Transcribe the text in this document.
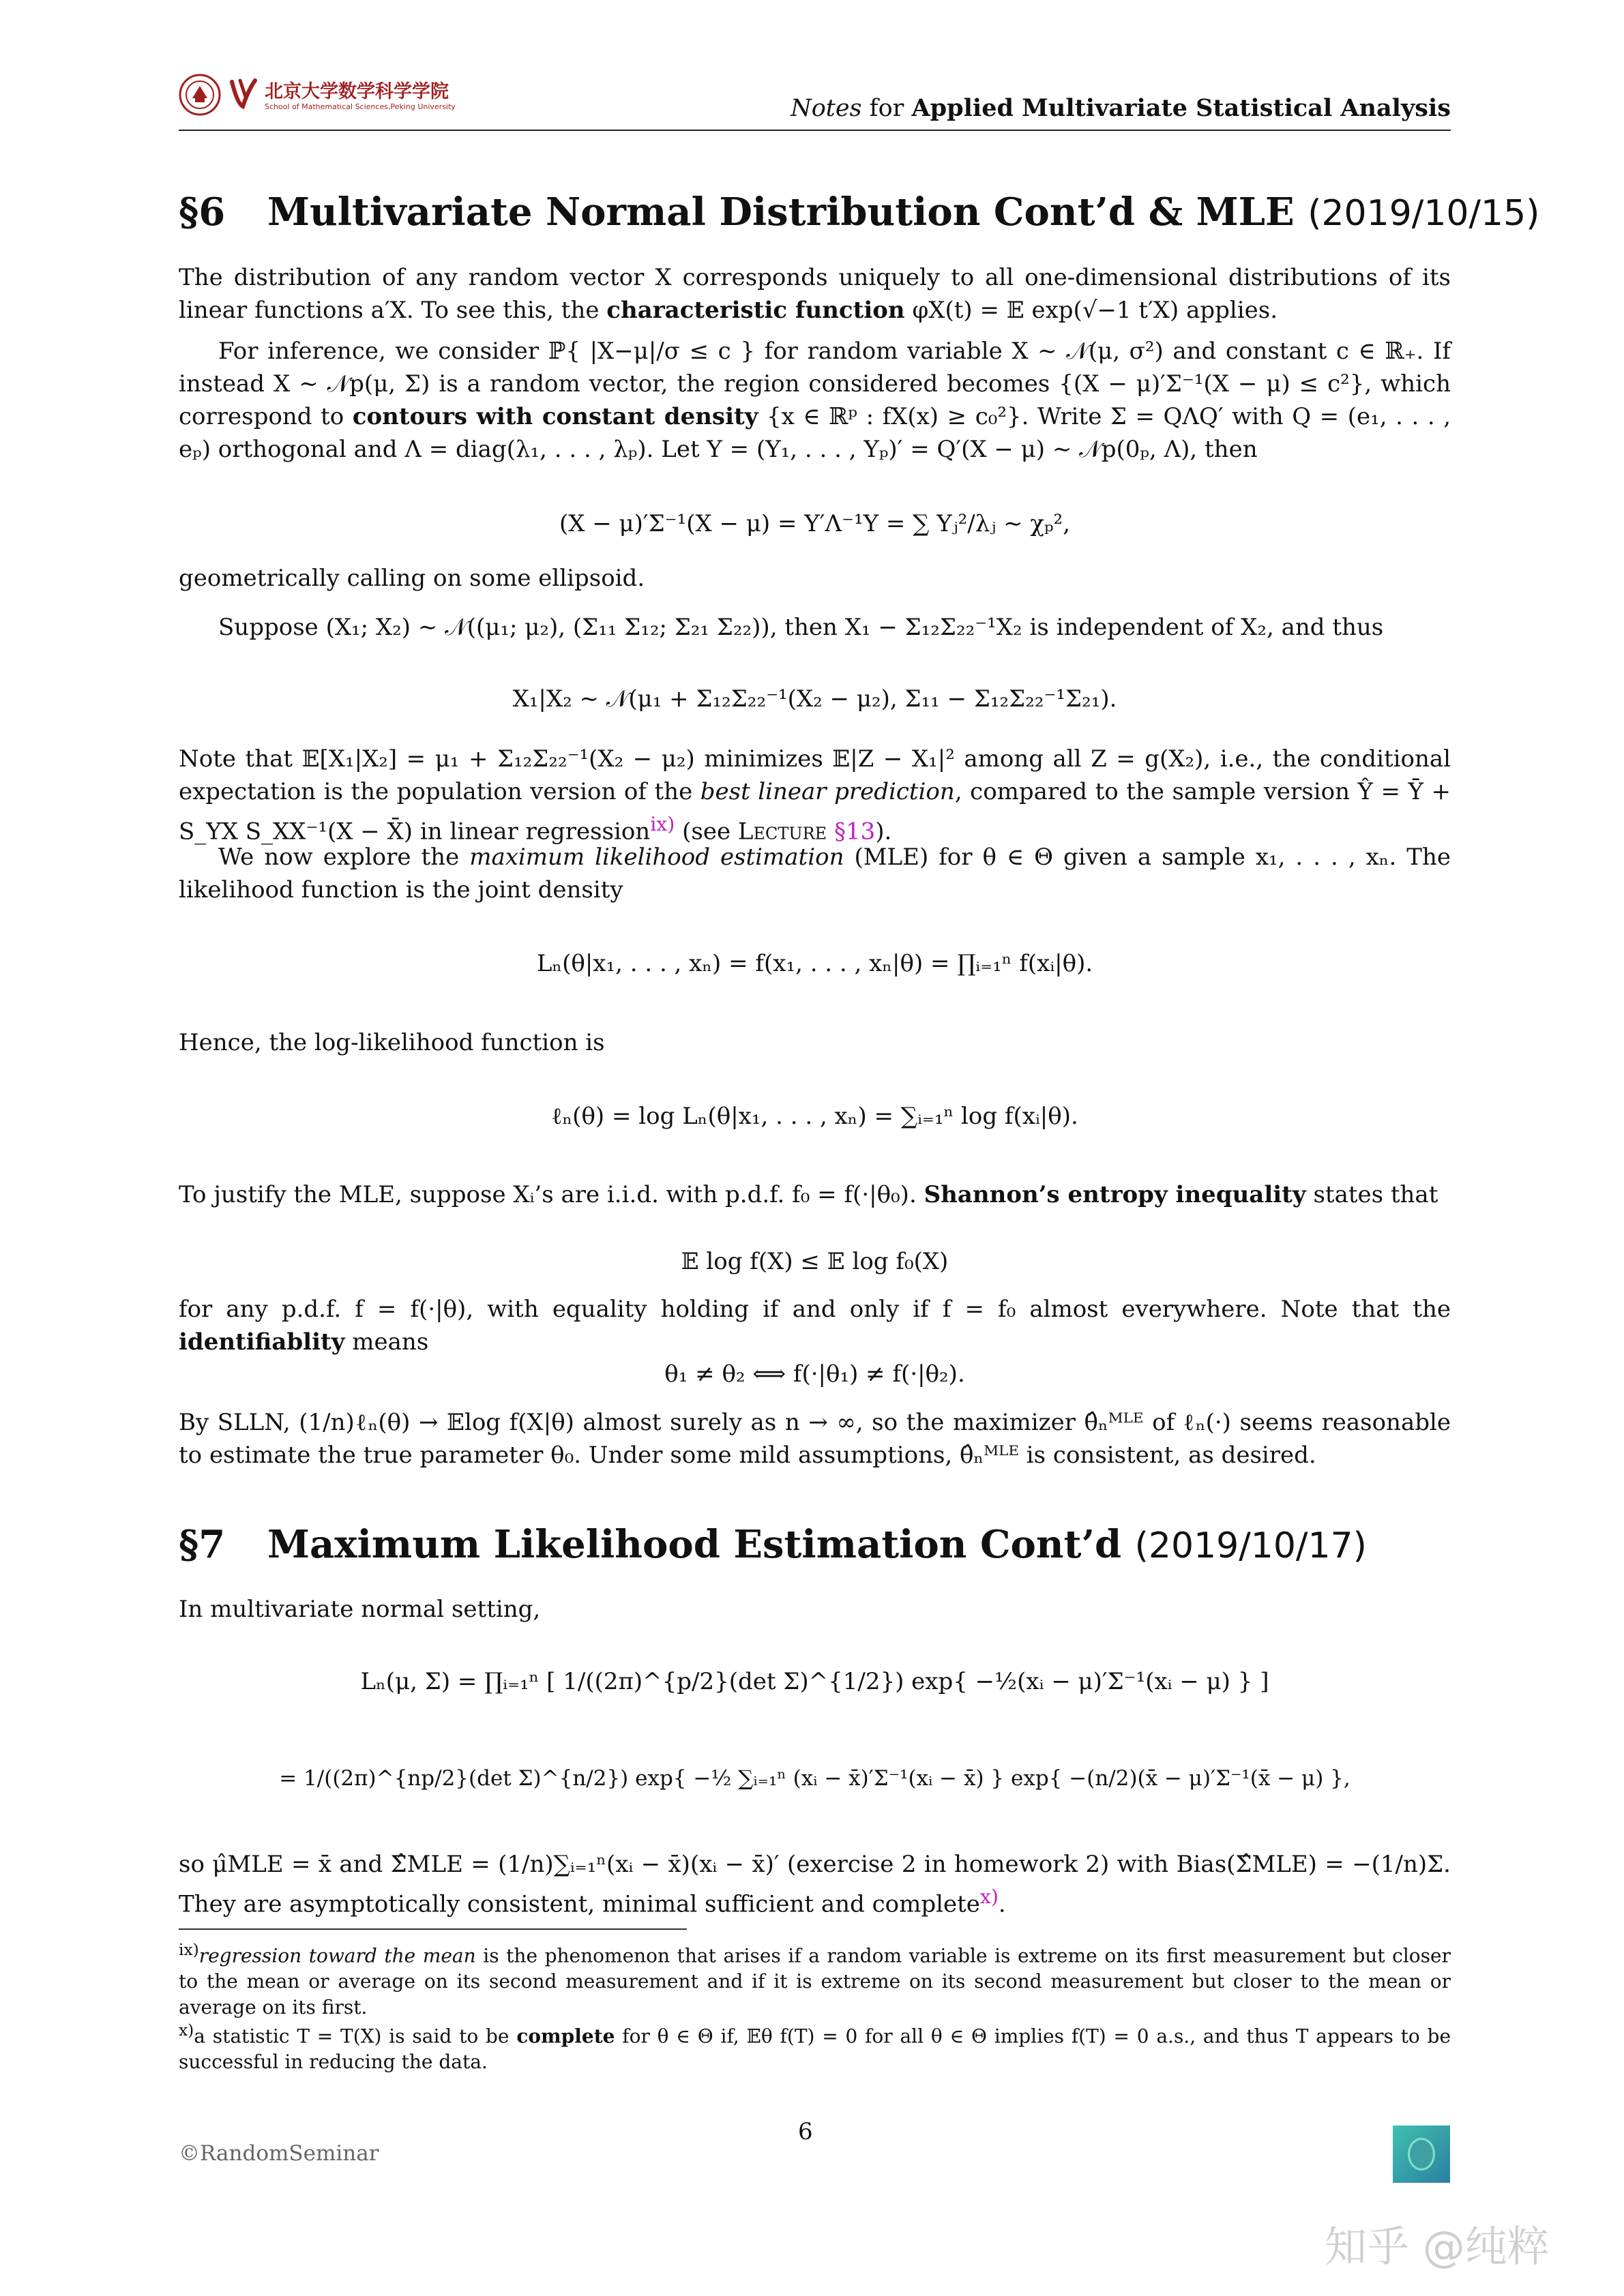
北京大学数学科学学院
School of Mathematical Sciences,Peking University	Notes for Applied Multivariate Statistical Analysis
§6 Multivariate Normal Distribution Cont’d & MLE (2019/10/15)
The distribution of any random vector X corresponds uniquely to all one-dimensional distributions of its linear functions a′X. To see this, the characteristic function φX(t) = 𝔼 exp(√−1 t′X) applies.
For inference, we consider ℙ{ |X−μ|/σ ≤ c } for random variable X ∼ 𝒩(μ, σ²) and constant c ∈ ℝ₊. If instead X ∼ 𝒩p(μ, Σ) is a random vector, the region considered becomes {(X − μ)′Σ⁻¹(X − μ) ≤ c²}, which correspond to contours with constant density {x ∈ ℝᵖ : fX(x) ≥ c₀²}. Write Σ = QΛQ′ with Q = (e₁, . . . , eₚ) orthogonal and Λ = diag(λ₁, . . . , λₚ). Let Y = (Y₁, . . . , Yₚ)′ = Q′(X − μ) ∼ 𝒩p(0ₚ, Λ), then
(X − μ)′Σ⁻¹(X − μ) = Y′Λ⁻¹Y = ∑ Yⱼ²/λⱼ ∼ χₚ²,
geometrically calling on some ellipsoid.
Suppose (X₁; X₂) ∼ 𝒩((μ₁; μ₂), (Σ₁₁ Σ₁₂; Σ₂₁ Σ₂₂)), then X₁ − Σ₁₂Σ₂₂⁻¹X₂ is independent of X₂, and thus
X₁|X₂ ∼ 𝒩(μ₁ + Σ₁₂Σ₂₂⁻¹(X₂ − μ₂), Σ₁₁ − Σ₁₂Σ₂₂⁻¹Σ₂₁).
Note that 𝔼[X₁|X₂] = μ₁ + Σ₁₂Σ₂₂⁻¹(X₂ − μ₂) minimizes 𝔼|Z − X₁|² among all Z = g(X₂), i.e., the conditional expectation is the population version of the best linear prediction, compared to the sample version Ŷ = Ȳ + S_YX S_XX⁻¹(X − X̄) in linear regression$^{ix)}$ (see Lecture §13).
We now explore the maximum likelihood estimation (MLE) for θ ∈ Θ given a sample x₁, . . . , xₙ. The likelihood function is the joint density
Lₙ(θ|x₁, . . . , xₙ) = f(x₁, . . . , xₙ|θ) = ∏ᵢ₌₁ⁿ f(xᵢ|θ).
Hence, the log-likelihood function is
ℓₙ(θ) = log Lₙ(θ|x₁, . . . , xₙ) = ∑ᵢ₌₁ⁿ log f(xᵢ|θ).
To justify the MLE, suppose Xᵢ’s are i.i.d. with p.d.f. f₀ = f(·|θ₀). Shannon’s entropy inequality states that
𝔼 log f(X) ≤ 𝔼 log f₀(X)
for any p.d.f. f = f(·|θ), with equality holding if and only if f = f₀ almost everywhere. Note that the identifiablity means
θ₁ ≠ θ₂ ⟺ f(·|θ₁) ≠ f(·|θ₂).
By SLLN, (1/n)ℓₙ(θ) → 𝔼log f(X|θ) almost surely as n → ∞, so the maximizer θ̂ₙᴹᴸᴱ of ℓₙ(·) seems reasonable to estimate the true parameter θ₀. Under some mild assumptions, θ̂ₙᴹᴸᴱ is consistent, as desired.
§7 Maximum Likelihood Estimation Cont’d (2019/10/17)
In multivariate normal setting,
Lₙ(μ, Σ) = ∏ᵢ₌₁ⁿ [ 1/((2π)^{p/2}(det Σ)^{1/2}) exp{ −½(xᵢ − μ)′Σ⁻¹(xᵢ − μ) } ]
= 1/((2π)^{np/2}(det Σ)^{n/2}) exp{ −½ ∑ᵢ₌₁ⁿ (xᵢ − x̄)′Σ⁻¹(xᵢ − x̄) } exp{ −(n/2)(x̄ − μ)′Σ⁻¹(x̄ − μ) },
so μ̂MLE = x̄ and Σ̂MLE = (1/n)∑ᵢ₌₁ⁿ(xᵢ − x̄)(xᵢ − x̄)′ (exercise 2 in homework 2) with Bias(Σ̂MLE) = −(1/n)Σ. They are asymptotically consistent, minimal sufficient and complete$^{x)}$.
$^{ix)}$regression toward the mean is the phenomenon that arises if a random variable is extreme on its first measurement but closer to the mean or average on its second measurement and if it is extreme on its second measurement but closer to the mean or average on its first.
$^{x)}$a statistic T = T(X) is said to be complete for θ ∈ Θ if, 𝔼θ f(T) = 0 for all θ ∈ Θ implies f(T) = 0 a.s., and thus T appears to be successful in reducing the data.
6
©RandomSeminar
知乎 @纯粹
